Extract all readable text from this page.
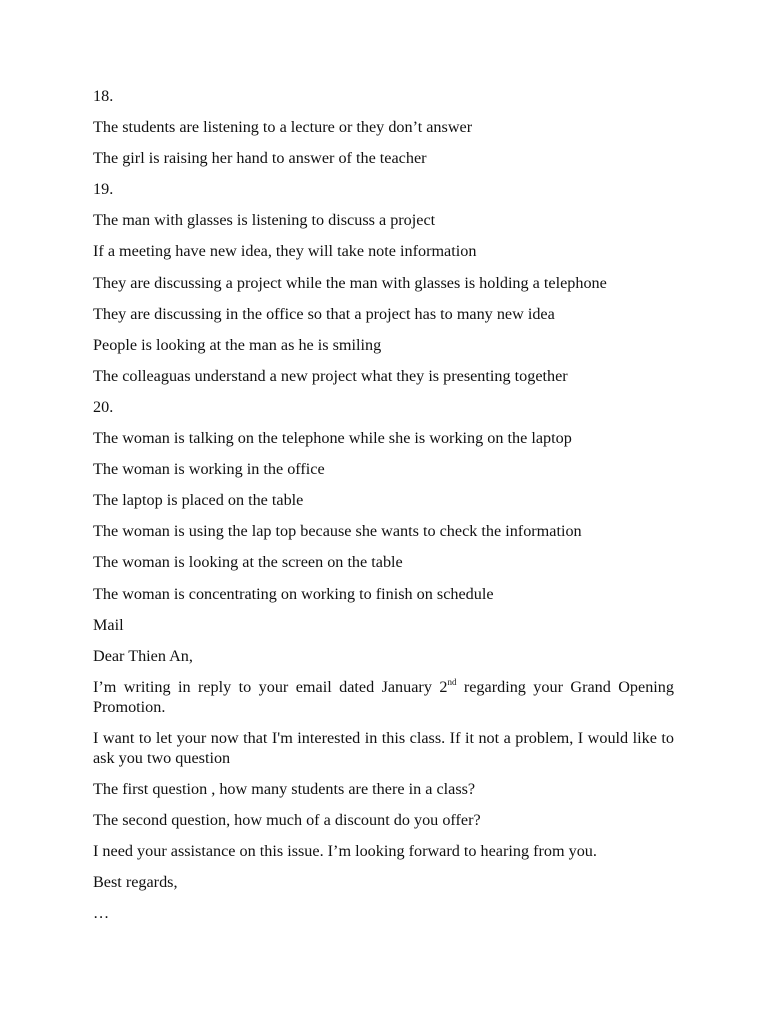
18.
The students are listening to a lecture or they don’t answer
The girl is raising her hand to answer of the teacher
19.
The man with glasses is listening to discuss a project
If a meeting have new idea, they will take note information
They are discussing a project while the man with glasses is holding a telephone
They are discussing in the office so that a project has to many new idea
People is looking at the man as he is smiling
The colleaguas understand a new project what they is presenting together
20.
The woman is talking on the telephone while she is working on the laptop
The woman is working in the office
The laptop is placed on the table
The woman is using the lap top because she wants to check the information
The woman is looking at the screen on the table
The woman is concentrating on working to finish on schedule
Mail
Dear Thien An,
I’m writing in reply to your email dated January 2nd regarding your Grand Opening Promotion.
I want to let your now that I'm interested in this class. If it not a problem, I would like to ask you two question
The first question , how many students are there in a class?
The second question, how much of a discount do you offer?
I need your assistance on this issue. I’m looking forward to hearing from you.
Best regards,
…
